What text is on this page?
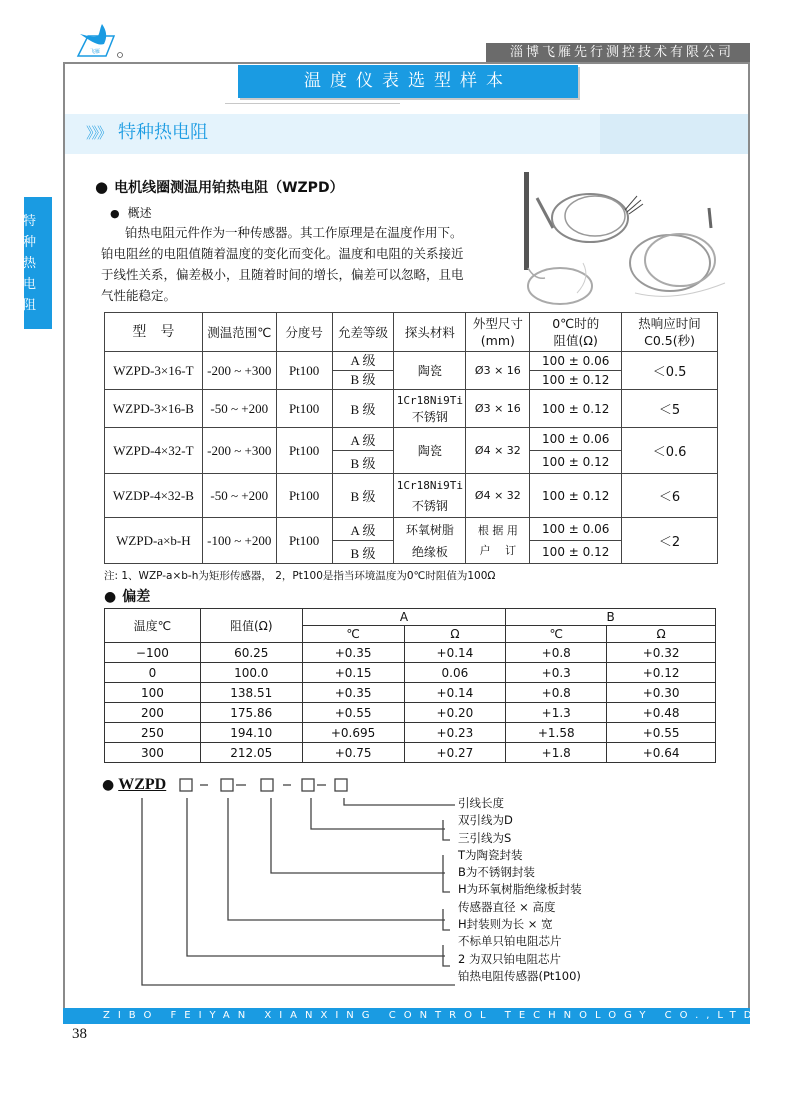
飞雁	淄博飞雁先行测控技术有限公司
温度仪表选型样本
》》》 特种热电阻
特
种
热
电
阻
● 电机线圈测温用铂热电阻（WZPD）
● 概述

铂热电阻元件作为一种传感器。其工作原理是在温度作用下。

铂电阻丝的电阻值随着温度的变化而变化。温度和电阻的关系接近

于线性关系，偏差极小，且随着时间的增长，偏差可以忽略，且电

气性能稳定。

型　号	测温范围℃	分度号	允差等级	探头材料	外型尺寸
(mm)	0℃时的
阻值(Ω)	热响应时间
C0.5(秒)
WZPD-3×16-T	-200 ~ +300	Pt100	A 级	陶瓷	Ø3 × 16	100 ± 0.06	＜0.5
			B 级			100 ± 0.12	
WZPD-3×16-B	-50 ~ +200	Pt100	B 级	1Cr18Ni9Ti
不锈钢	Ø3 × 16	100 ± 0.12	＜5
WZPD-4×32-T	-200 ~ +300	Pt100	A 级	陶瓷	Ø4 × 32	100 ± 0.06	＜0.6
			B 级			100 ± 0.12	
WZDP-4×32-B	-50 ~ +200	Pt100	B 级	1Cr18Ni9Ti
不锈钢	Ø4 × 32	100 ± 0.12	＜6
WZPD-a×b-H	-100 ~ +200	Pt100	A 级	环氧树脂
绝缘板	根 据 用
户　 订	100 ± 0.06	＜2
			B 级			100 ± 0.12	
注: 1、WZP-a×b-h为矩形传感器， 2，Pt100是指当环境温度为0℃时阻值为100Ω
● 偏差
温度℃	阻值(Ω)	A		B	
		℃	Ω	℃	Ω
−100	60.25	+0.35	+0.14	+0.8	+0.32
0	100.0	+0.15	0.06	+0.3	+0.12
100	138.51	+0.35	+0.14	+0.8	+0.30
200	175.86	+0.55	+0.20	+1.3	+0.48
250	194.10	+0.695	+0.23	+1.58	+0.55
300	212.05	+0.75	+0.27	+1.8	+0.64
● WZPD
引线长度
双引线为D
三引线为S
T为陶瓷封装
B为不锈钢封装
H为环氧树脂绝缘板封装
传感器直径 × 高度
H封装则为长 × 宽
不标单只铂电阻芯片
2 为双只铂电阻芯片
铂热电阻传感器(Pt100)
ZIBO FEIYAN XIANXING CONTROL TECHNOLOGY CO.,LTD
38
